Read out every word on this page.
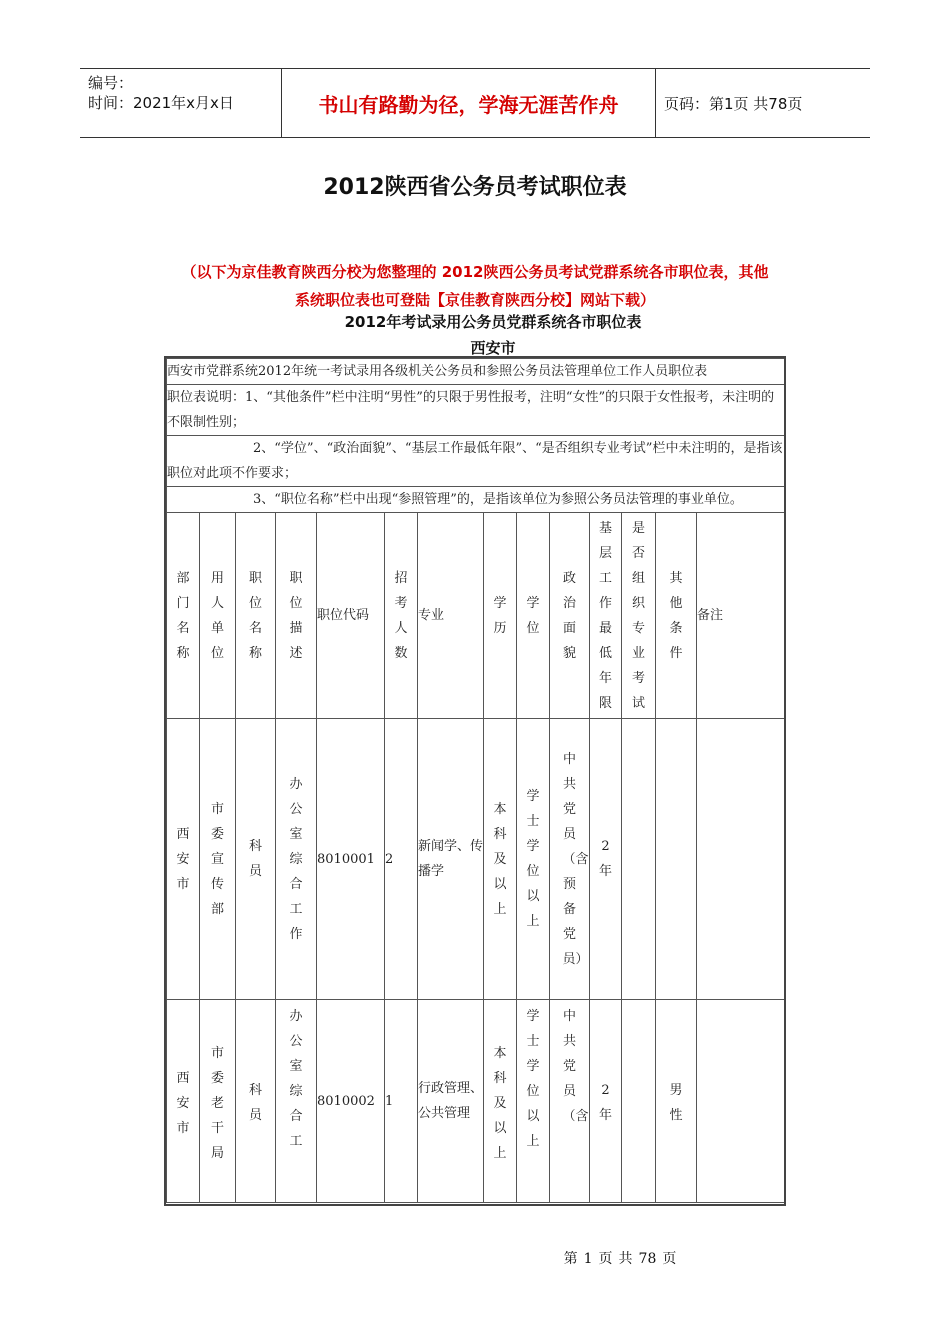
编号：
时间：2021年x月x日	书山有路勤为径，学海无涯苦作舟	页码：第1页 共78页
2012陕西省公务员考试职位表
（以下为京佳教育陕西分校为您整理的 2012陕西公务员考试党群系统各市职位表，其他
系统职位表也可登陆【京佳教育陕西分校】网站下载）
2012年考试录用公务员党群系统各市职位表
西安市
西安市党群系统2012年统一考试录用各级机关公务员和参照公务员法管理单位工作人员职位表													
职位表说明：1、“其他条件”栏中注明“男性”的只限于男性报考，注明“女性”的只限于女性报考，未注明的不限制性别；													
2、“学位”、“政治面貌”、“基层工作最低年限”、“是否组织专业考试”栏中未注明的，是指该职位对此项不作要求；													
3、“职位名称”栏中出现“参照管理”的，是指该单位为参照公务员法管理的事业单位。													
部门名称	用人单位	职位名称	职位描述	职位代码	招考人数	专业	学历	学位	政治面貌	基层工作最低年限	是否组织专业考试	其他条件	备注
西安市	市委宣传部	科员	办公室综合工作	8010001	2	新闻学、传播学	本科及以上	学士学位以上	中共党员（含预备党员）	2年			
西安市	市委老干局	科员	办公室综合工	8010002	1	行政管理、公共管理	本科及以上	学士学位以上	中共党员（含	2年		男性	
第 1 页 共 78 页
